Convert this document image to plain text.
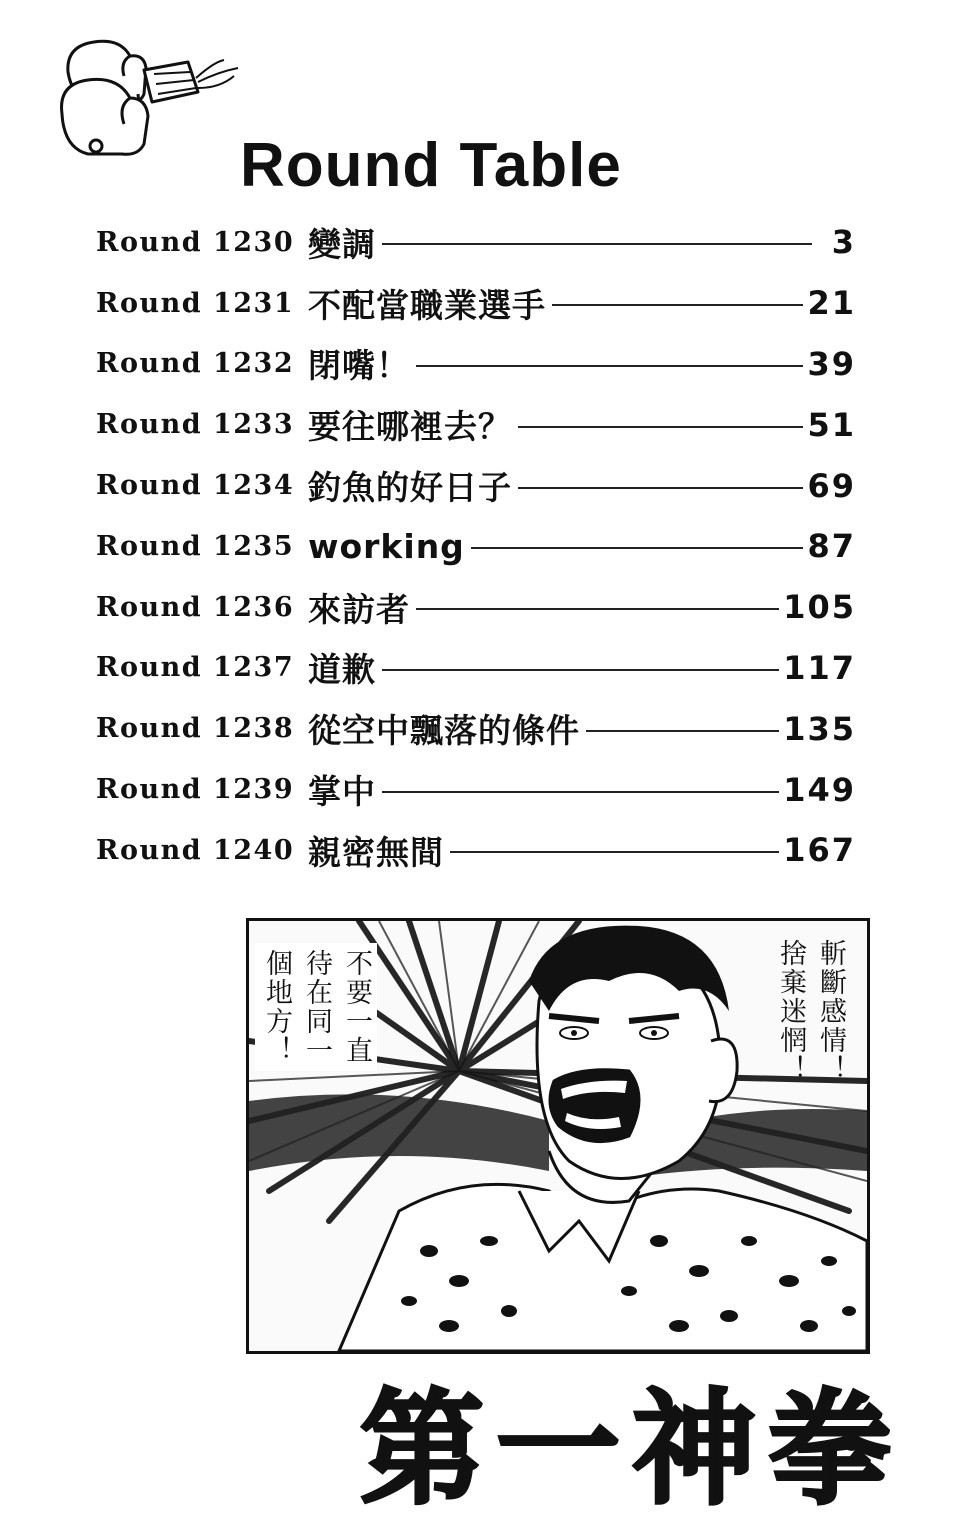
Round Table
Round 1230 變調	3
Round 1231 不配當職業選手	21
Round 1232 閉嘴！	39
Round 1233 要往哪裡去？	51
Round 1234 釣魚的好日子	69
Round 1235 working	87
Round 1236 來訪者	105
Round 1237 道歉	117
Round 1238 從空中飄落的條件	135
Round 1239 掌中	149
Round 1240 親密無間	167
不要一直
待在同一
個地方！	斬斷感情！
捨棄迷惘！
第一神拳
